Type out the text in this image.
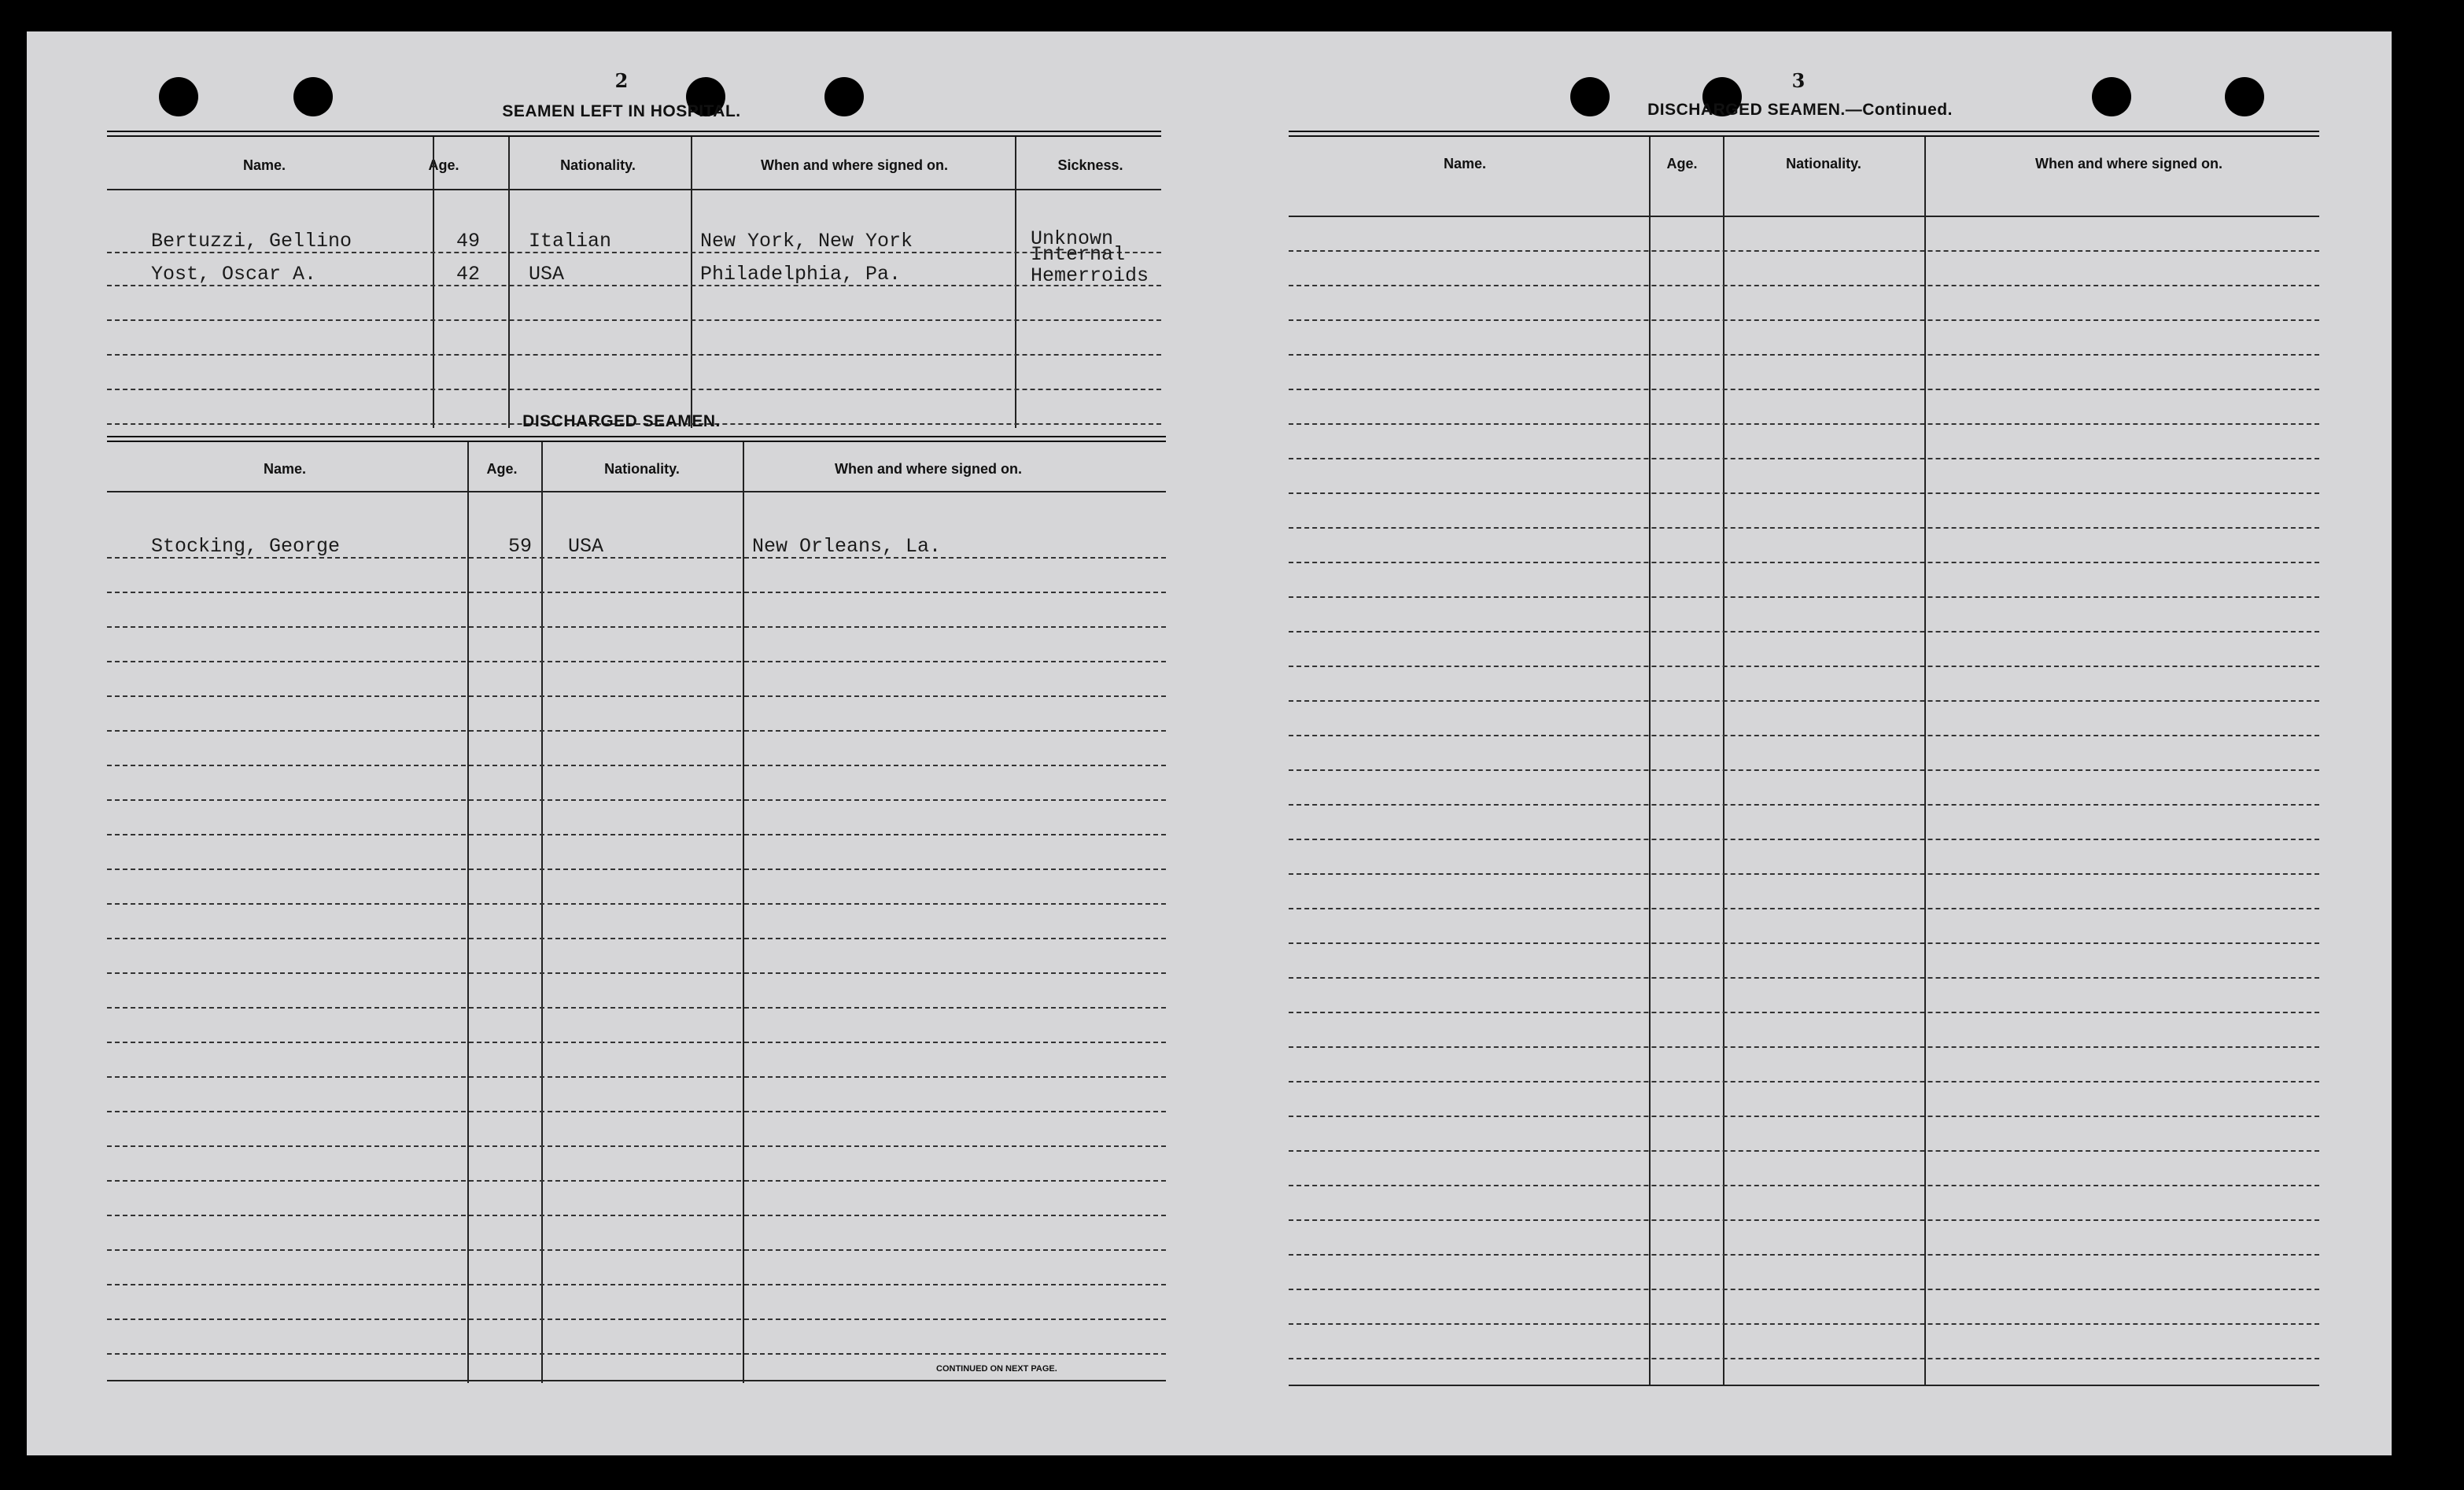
2
SEAMEN LEFT IN HOSPITAL.
Name.	Age.	Nationality.	When and where signed on.	Sickness.
Bertuzzi, Gellino	49 Italian	New York, New York	Unknown Internal
Yost, Oscar A.	42 USA	Philadelphia, Pa.	Hemerroids
DISCHARGED SEAMEN.
Name.	Age.	Nationality.	When and where signed on.
Stocking, George	59 USA	New Orleans, La.
CONTINUED ON NEXT PAGE.
3
DISCHARGED SEAMEN.—Continued.
Name.	Age.	Nationality.	When and where signed on.
